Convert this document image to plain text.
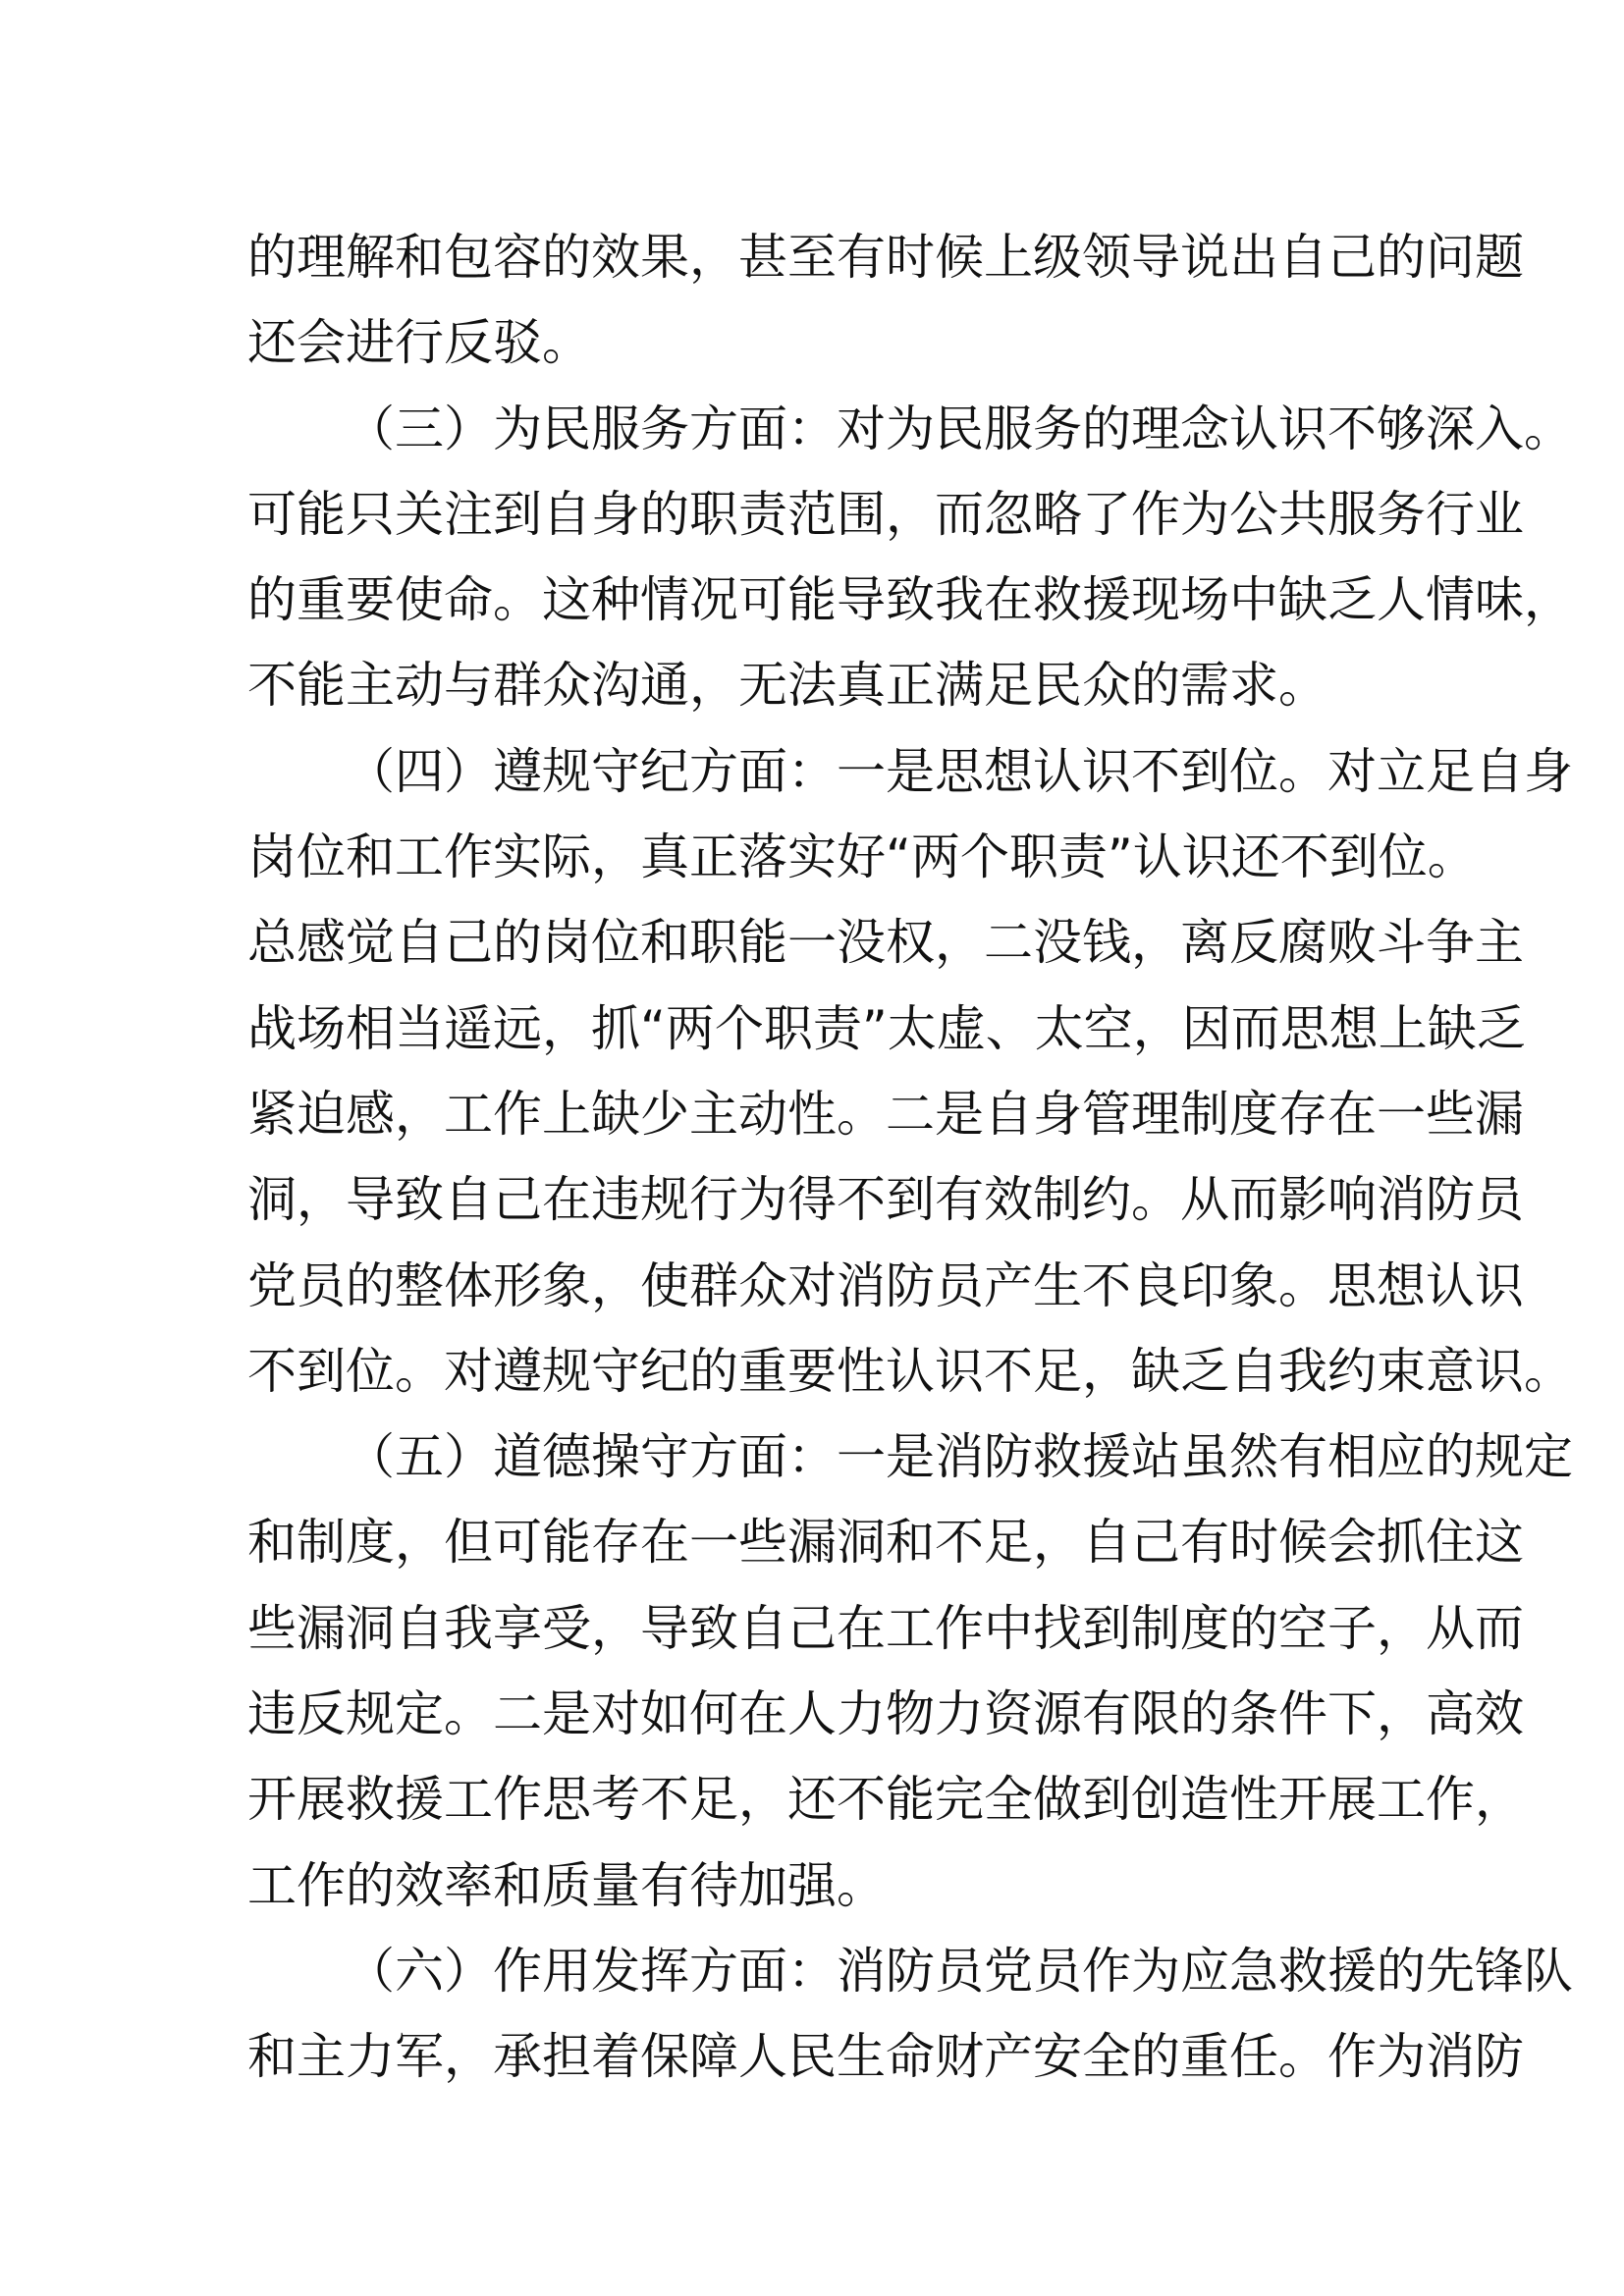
的理解和包容的效果，甚至有时候上级领导说出自己的问题
还会进行反驳。
（三）为民服务方面：对为民服务的理念认识不够深入。
可能只关注到自身的职责范围，而忽略了作为公共服务行业
的重要使命。这种情况可能导致我在救援现场中缺乏人情味，
不能主动与群众沟通，无法真正满足民众的需求。
（四）遵规守纪方面：一是思想认识不到位。对立足自身
岗位和工作实际，真正落实好“两个职责”认识还不到位。
总感觉自己的岗位和职能一没权，二没钱，离反腐败斗争主
战场相当遥远，抓“两个职责”太虚、太空，因而思想上缺乏
紧迫感，工作上缺少主动性。二是自身管理制度存在一些漏
洞，导致自己在违规行为得不到有效制约。从而影响消防员
党员的整体形象，使群众对消防员产生不良印象。思想认识
不到位。对遵规守纪的重要性认识不足，缺乏自我约束意识。
（五）道德操守方面：一是消防救援站虽然有相应的规定
和制度，但可能存在一些漏洞和不足，自己有时候会抓住这
些漏洞自我享受，导致自己在工作中找到制度的空子，从而
违反规定。二是对如何在人力物力资源有限的条件下，高效
开展救援工作思考不足，还不能完全做到创造性开展工作，
工作的效率和质量有待加强。
（六）作用发挥方面：消防员党员作为应急救援的先锋队
和主力军，承担着保障人民生命财产安全的重任。作为消防
